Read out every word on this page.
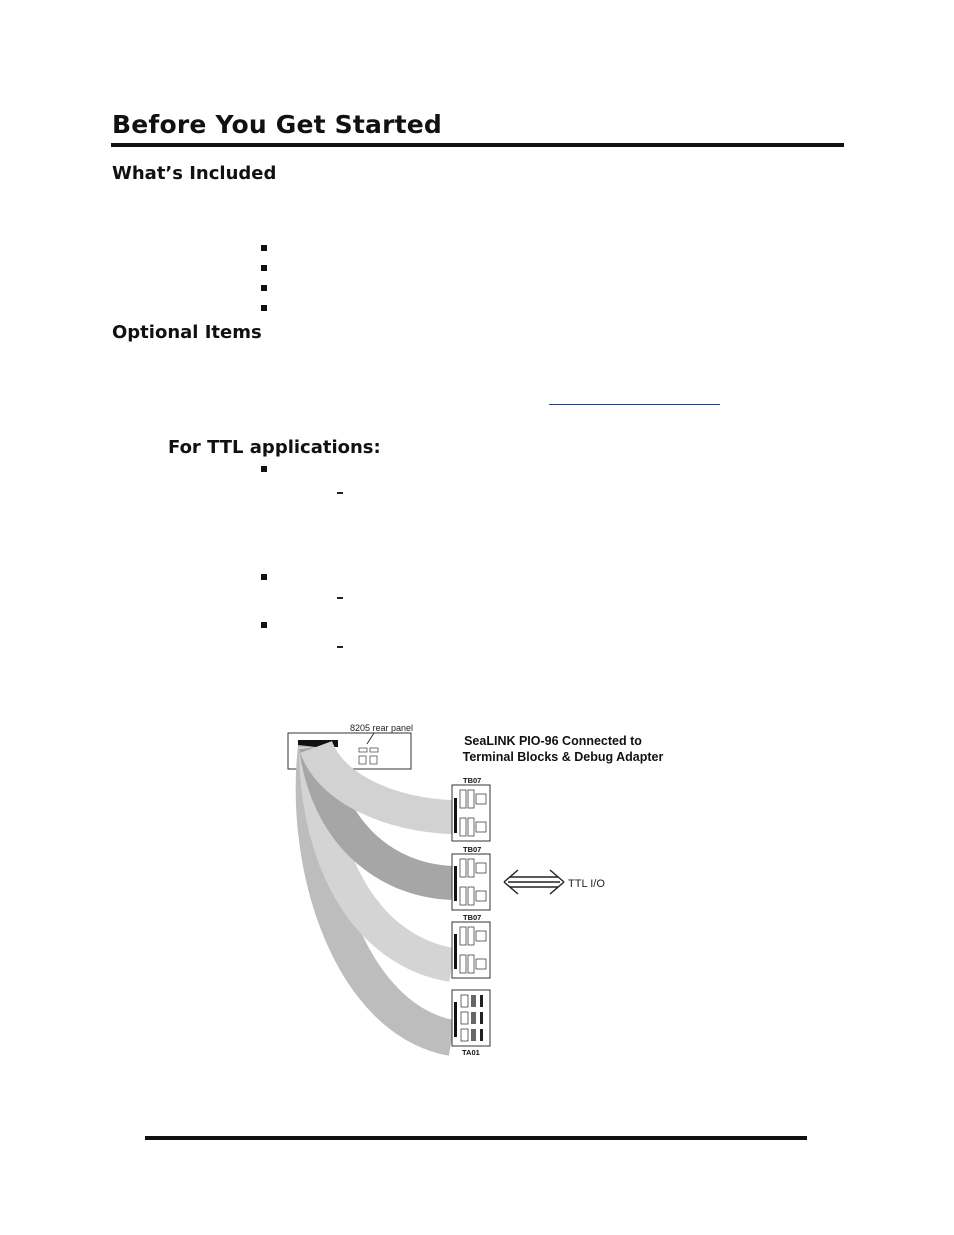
Before You Get Started
What’s Included
Optional Items
For TTL applications:
8205 rear panel
TB07
TB07
TB07
TA01
TTL I/O
SeaLINK PIO-96 Connected to
Terminal Blocks & Debug Adapter
